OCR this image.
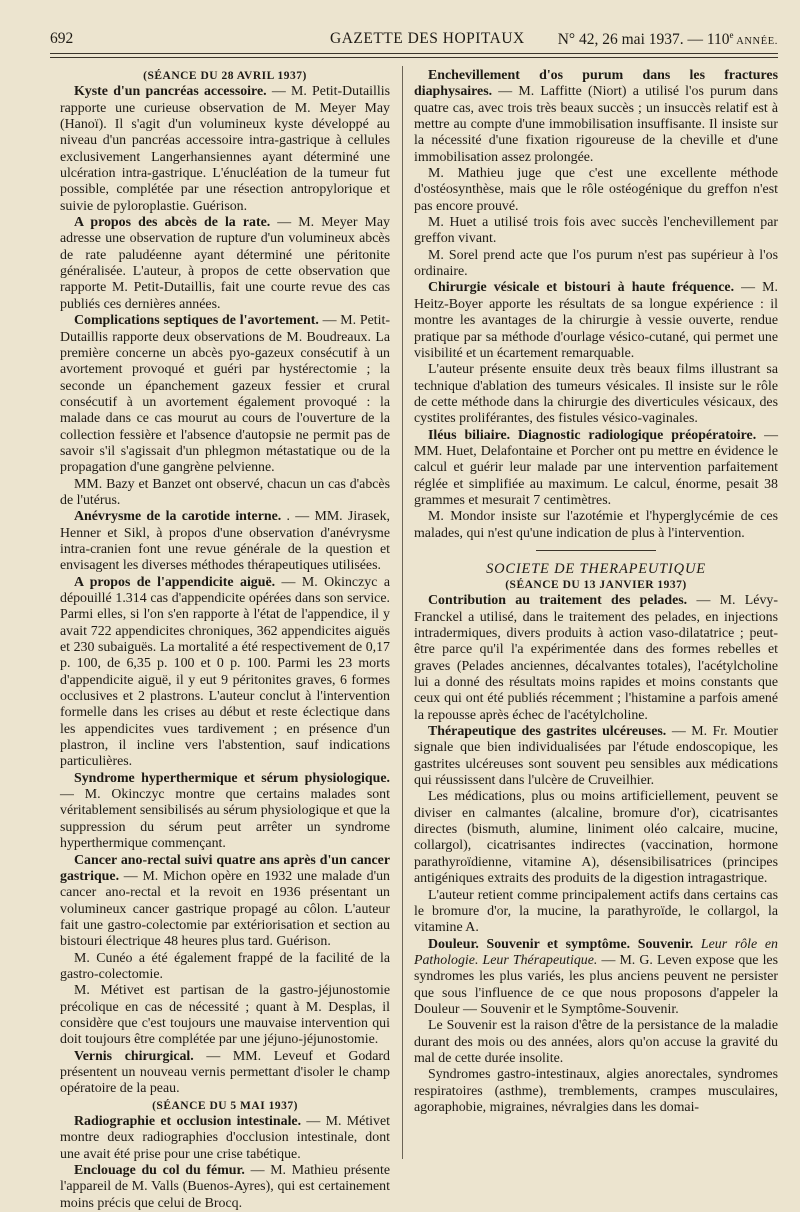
692	GAZETTE DES HOPITAUX N° 42, 26 mai 1937. — 110e ANNÉE.

(SÉANCE DU 28 AVRIL 1937)

Kyste d'un pancréas accessoire. — M. Petit-Dutaillis rapporte une curieuse observation de M. Meyer May (Hanoï). Il s'agit d'un volumineux kyste développé au niveau d'un pancréas accessoire intra-gastrique à cellules exclusivement Langerhansiennes ayant déterminé une ulcération intra-gastrique. L'énucléation de la tumeur fut possible, complétée par une résection antropylorique et suivie de pyloroplastie. Guérison.

A propos des abcès de la rate. — M. Meyer May adresse une observation de rupture d'un volumineux abcès de rate paludéenne ayant déterminé une péritonite généralisée. L'auteur, à propos de cette observation que rapporte M. Petit-Dutaillis, fait une courte revue des cas publiés ces dernières années.

Complications septiques de l'avortement. — M. Petit-Dutaillis rapporte deux observations de M. Boudreaux. La première concerne un abcès pyo-gazeux consécutif à un avortement provoqué et guéri par hystérectomie ; la seconde un épanchement gazeux fessier et crural consécutif à un avortement également provoqué : la malade dans ce cas mourut au cours de l'ouverture de la collection fessière et l'absence d'autopsie ne permit pas de savoir s'il s'agissait d'un phlegmon métastatique ou de la propagation d'une gangrène pelvienne.

MM. Bazy et Banzet ont observé, chacun un cas d'abcès de l'utérus.

Anévrysme de la carotide interne. . — MM. Jirasek, Henner et Sikl, à propos d'une observation d'anévrysme intra-cranien font une revue générale de la question et envisagent les diverses méthodes thérapeutiques utilisées.

A propos de l'appendicite aiguë. — M. Okinczyc a dépouillé 1.314 cas d'appendicite opérées dans son service. Parmi elles, si l'on s'en rapporte à l'état de l'appendice, il y avait 722 appendicites chroniques, 362 appendicites aiguës et 230 subaiguës. La mortalité a été respectivement de 0,17 p. 100, de 6,35 p. 100 et 0 p. 100. Parmi les 23 morts d'appendicite aiguë, il y eut 9 péritonites graves, 6 formes occlusives et 2 plastrons. L'auteur conclut à l'intervention formelle dans les crises au début et reste éclectique dans les appendicites vues tardivement ; en présence d'un plastron, il incline vers l'abstention, sauf indications particulières.

Syndrome hyperthermique et sérum physiologique. — M. Okinczyc montre que certains malades sont véritablement sensibilisés au sérum physiologique et que la suppression du sérum peut arrêter un syndrome hyperthermique commençant.

Cancer ano-rectal suivi quatre ans après d'un cancer gastrique. — M. Michon opère en 1932 une malade d'un cancer ano-rectal et la revoit en 1936 présentant un volumineux cancer gastrique propagé au côlon. L'auteur fait une gastro-colectomie par extériorisation et section au bistouri électrique 48 heures plus tard. Guérison.

M. Cunéo a été également frappé de la facilité de la gastro-colectomie.

M. Métivet est partisan de la gastro-jéjunostomie précolique en cas de nécessité ; quant à M. Desplas, il considère que c'est toujours une mauvaise intervention qui doit toujours être complétée par une jéjuno-jéjunostomie.

Vernis chirurgical. — MM. Leveuf et Godard présentent un nouveau vernis permettant d'isoler le champ opératoire de la peau.

(SÉANCE DU 5 MAI 1937)

Radiographie et occlusion intestinale. — M. Métivet montre deux radiographies d'occlusion intestinale, dont une avait été prise pour une crise tabétique.

Enclouage du col du fémur. — M. Mathieu présente l'appareil de M. Valls (Buenos-Ayres), qui est certainement moins précis que celui de Brocq.

Enchevillement d'os purum dans les fractures diaphysaires. — M. Laffitte (Niort) a utilisé l'os purum dans quatre cas, avec trois très beaux succès ; un insuccès relatif est à mettre au compte d'une immobilisation insuffisante. Il insiste sur la nécessité d'une fixation rigoureuse de la cheville et d'une immobilisation assez prolongée.

M. Mathieu juge que c'est une excellente méthode d'ostéosynthèse, mais que le rôle ostéogénique du greffon n'est pas encore prouvé.

M. Huet a utilisé trois fois avec succès l'enchevillement par greffon vivant.

M. Sorel prend acte que l'os purum n'est pas supérieur à l'os ordinaire.

Chirurgie vésicale et bistouri à haute fréquence. — M. Heitz-Boyer apporte les résultats de sa longue expérience : il montre les avantages de la chirurgie à vessie ouverte, rendue pratique par sa méthode d'ourlage vésico-cutané, qui permet une visibilité et un écartement remarquable.

L'auteur présente ensuite deux très beaux films illustrant sa technique d'ablation des tumeurs vésicales. Il insiste sur le rôle de cette méthode dans la chirurgie des diverticules vésicaux, des cystites proliférantes, des fistules vésico-vaginales.

Iléus biliaire. Diagnostic radiologique préopératoire. — MM. Huet, Delafontaine et Porcher ont pu mettre en évidence le calcul et guérir leur malade par une intervention parfaitement réglée et simplifiée au maximum. Le calcul, énorme, pesait 38 grammes et mesurait 7 centimètres.

M. Mondor insiste sur l'azotémie et l'hyperglycémie de ces malades, qui n'est qu'une indication de plus à l'intervention.

SOCIETE DE THERAPEUTIQUE

(SÉANCE DU 13 JANVIER 1937)

Contribution au traitement des pelades. — M. Lévy-Franckel a utilisé, dans le traitement des pelades, en injections intradermiques, divers produits à action vaso-dilatatrice ; peut-être parce qu'il l'a expérimentée dans des formes rebelles et graves (Pelades anciennes, décalvantes totales), l'acétylcholine lui a donné des résultats moins rapides et moins constants que ceux qui ont été publiés récemment ; l'histamine a parfois amené la repousse après échec de l'acétylcholine.

Thérapeutique des gastrites ulcéreuses. — M. Fr. Moutier signale que bien individualisées par l'étude endoscopique, les gastrites ulcéreuses sont souvent peu sensibles aux médications qui réussissent dans l'ulcère de Cruveilhier.

Les médications, plus ou moins artificiellement, peuvent se diviser en calmantes (alcaline, bromure d'or), cicatrisantes directes (bismuth, alumine, liniment oléo calcaire, mucine, collargol), cicatrisantes indirectes (vaccination, hormone parathyroïdienne, vitamine A), désensibilisatrices (principes antigéniques extraits des produits de la digestion intragastrique.

L'auteur retient comme principalement actifs dans certains cas le bromure d'or, la mucine, la parathyroïde, le collargol, la vitamine A.

Douleur. Souvenir et symptôme. Souvenir. Leur rôle en Pathologie. Leur Thérapeutique. — M. G. Leven expose que les syndromes les plus variés, les plus anciens peuvent ne persister que sous l'influence de ce que nous proposons d'appeler la Douleur — Souvenir et le Symptôme-Souvenir.

Le Souvenir est la raison d'être de la persistance de la maladie durant des mois ou des années, alors qu'on accuse la gravité du mal de cette durée insolite.

Syndromes gastro-intestinaux, algies anorectales, syndromes respiratoires (asthme), tremblements, crampes musculaires, agoraphobie, migraines, névralgies dans les domai-
